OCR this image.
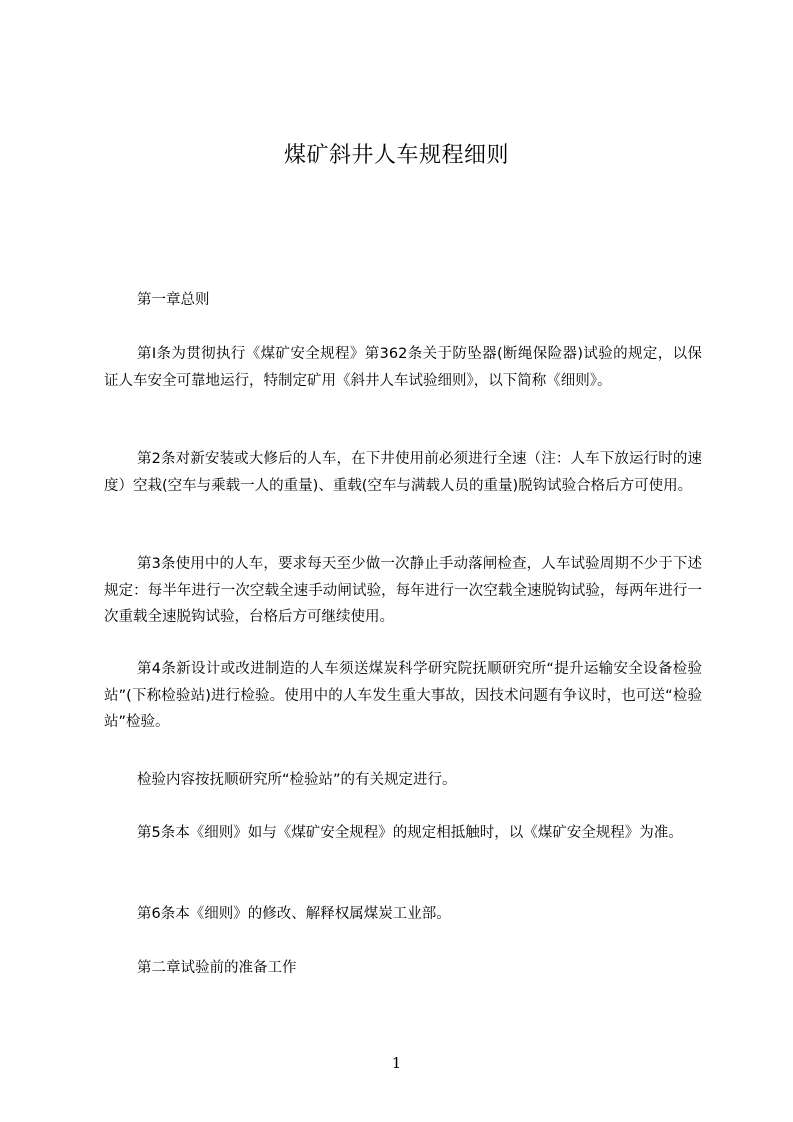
煤矿斜井人车规程细则

第一章总则

第Ⅰ条为贯彻执行《煤矿安全规程》第362条关于防坠器(断绳保险器)试验的规定，以保证人车安全可靠地运行，特制定矿用《斜井人车试验细则》，以下简称《细则》。

第2条对新安装或大修后的人车，在下井使用前必须进行全速（注：人车下放运行时的速度）空栽(空车与乘载一人的重量)、重载(空车与满载人员的重量)脱钩试验合格后方可使用。

第3条使用中的人车，要求每天至少做一次静止手动落闸检查，人车试验周期不少于下述规定：每半年进行一次空载全速手动闸试验，每年进行一次空载全速脱钩试验，每两年进行一次重载全速脱钩试验，台格后方可继续使用。

第4条新设计或改进制造的人车须送煤炭科学研究院抚顺研究所“提升运输安全设备检验站”(下称检验站)进行检验。使用中的人车发生重大事故，因技术问题有争议时，也可送“检验站”检验。

检验内容按抚顺研究所“检验站”的有关规定进行。

第5条本《细则》如与《煤矿安全规程》的规定相抵触时，以《煤矿安全规程》为准。

第6条本《细则》的修改、解释权属煤炭工业部。

第二章试验前的准备工作

1
